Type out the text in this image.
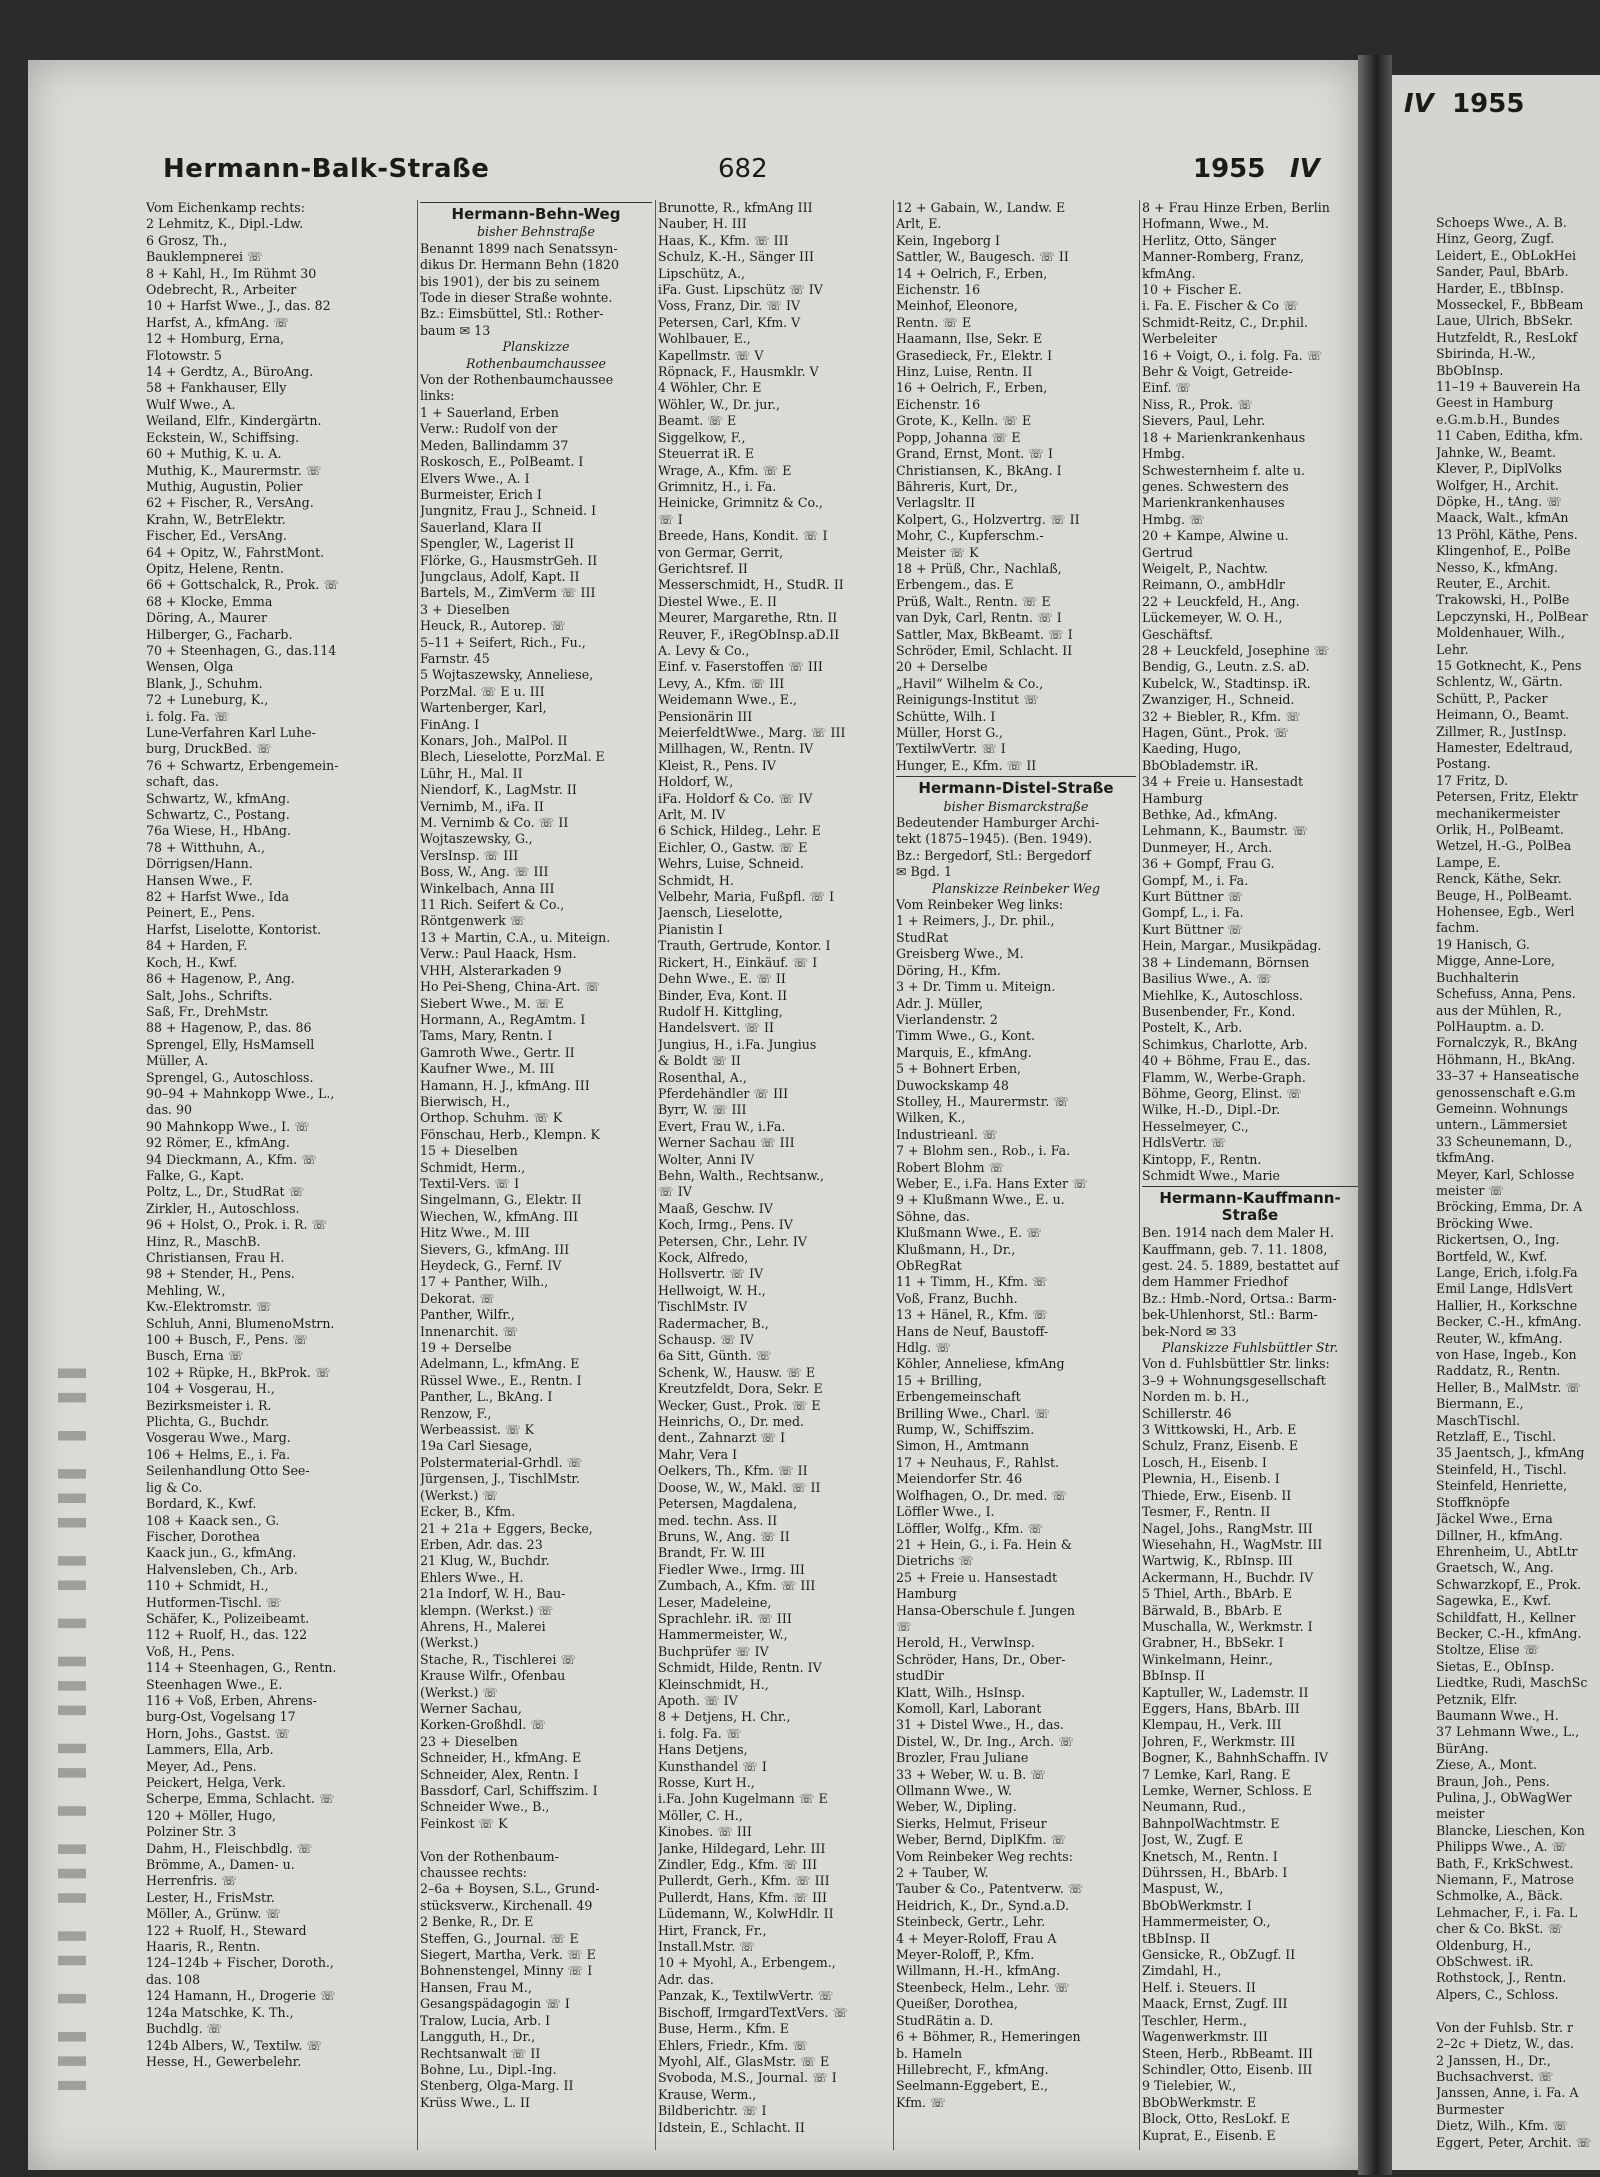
▌▌▌ ▌ ▌▌ ▌▌▌ ▌ ▌▌ ▌▌▌ ▌ ▌▌ ▌▌▌ ▌ ▌▌
Hermann-Balk-Straße	682	1955 IV
Vom Eichenkamp rechts:
2 Lehmitz, K., Dipl.-Ldw.
6 Grosz, Th.,
Bauklempnerei ☏
8 + Kahl, H., Im Rühmt 30
Odebrecht, R., Arbeiter
10 + Harfst Wwe., J., das. 82
Harfst, A., kfmAng. ☏
12 + Homburg, Erna,
Flotowstr. 5
14 + Gerdtz, A., BüroAng.
58 + Fankhauser, Elly
Wulf Wwe., A.
Weiland, Elfr., Kindergärtn.
Eckstein, W., Schiffsing.
60 + Muthig, K. u. A.
Muthig, K., Maurermstr. ☏
Muthig, Augustin, Polier
62 + Fischer, R., VersAng.
Krahn, W., BetrElektr.
Fischer, Ed., VersAng.
64 + Opitz, W., FahrstMont.
Opitz, Helene, Rentn.
66 + Gottschalck, R., Prok. ☏
68 + Klocke, Emma
Döring, A., Maurer
Hilberger, G., Facharb.
70 + Steenhagen, G., das.114
Wensen, Olga
Blank, J., Schuhm.
72 + Luneburg, K.,
i. folg. Fa. ☏
Lune-Verfahren Karl Luhe-
burg, DruckBed. ☏
76 + Schwartz, Erbengemein-
schaft, das.
Schwartz, W., kfmAng.
Schwartz, C., Postang.
76a Wiese, H., HbAng.
78 + Witthuhn, A.,
Dörrigsen/Hann.
Hansen Wwe., F.
82 + Harfst Wwe., Ida
Peinert, E., Pens.
Harfst, Liselotte, Kontorist.
84 + Harden, F.
Koch, H., Kwf.
86 + Hagenow, P., Ang.
Salt, Johs., Schrifts.
Saß, Fr., DrehMstr.
88 + Hagenow, P., das. 86
Sprengel, Elly, HsMamsell
Müller, A.
Sprengel, G., Autoschloss.
90–94 + Mahnkopp Wwe., L.,
das. 90
90 Mahnkopp Wwe., I. ☏
92 Römer, E., kfmAng.
94 Dieckmann, A., Kfm. ☏
Falke, G., Kapt.
Poltz, L., Dr., StudRat ☏
Zirkler, H., Autoschloss.
96 + Holst, O., Prok. i. R. ☏
Hinz, R., MaschB.
Christiansen, Frau H.
98 + Stender, H., Pens.
Mehling, W.,
Kw.-Elektromstr. ☏
Schluh, Anni, BlumenoMstrn.
100 + Busch, F., Pens. ☏
Busch, Erna ☏
102 + Rüpke, H., BkProk. ☏
104 + Vosgerau, H.,
Bezirksmeister i. R.
Plichta, G., Buchdr.
Vosgerau Wwe., Marg.
106 + Helms, E., i. Fa.
Seilenhandlung Otto See-
lig & Co.
Bordard, K., Kwf.
108 + Kaack sen., G.
Fischer, Dorothea
Kaack jun., G., kfmAng.
Halvensleben, Ch., Arb.
110 + Schmidt, H.,
Hutformen-Tischl. ☏
Schäfer, K., Polizeibeamt.
112 + Ruolf, H., das. 122
Voß, H., Pens.
114 + Steenhagen, G., Rentn.
Steenhagen Wwe., E.
116 + Voß, Erben, Ahrens-
burg-Ost, Vogelsang 17
Horn, Johs., Gastst. ☏
Lammers, Ella, Arb.
Meyer, Ad., Pens.
Peickert, Helga, Verk.
Scherpe, Emma, Schlacht. ☏
120 + Möller, Hugo,
Polziner Str. 3
Dahm, H., Fleischbdlg. ☏
Brömme, A., Damen- u.
Herrenfris. ☏
Lester, H., FrisMstr.
Möller, A., Grünw. ☏
122 + Ruolf, H., Steward
Haaris, R., Rentn.
124–124b + Fischer, Doroth.,
das. 108
124 Hamann, H., Drogerie ☏
124a Matschke, K. Th.,
Buchdlg. ☏
124b Albers, W., Textilw. ☏
Hesse, H., Gewerbelehr.
Hermann-Behn-Weg
bisher Behnstraße
Benannt 1899 nach Senatssyn-
dikus Dr. Hermann Behn (1820
bis 1901), der bis zu seinem
Tode in dieser Straße wohnte.
Bz.: Eimsbüttel, Stl.: Rother-
baum ✉ 13
Planskizze
Rothenbaumchaussee
Von der Rothenbaumchaussee
links:
1 + Sauerland, Erben
Verw.: Rudolf von der
Meden, Ballindamm 37
Roskosch, E., PolBeamt. I
Elvers Wwe., A. I
Burmeister, Erich I
Jungnitz, Frau J., Schneid. I
Sauerland, Klara II
Spengler, W., Lagerist II
Flörke, G., HausmstrGeh. II
Jungclaus, Adolf, Kapt. II
Bartels, M., ZimVerm ☏ III
3 + Dieselben
Heuck, R., Autorep. ☏
5–11 + Seifert, Rich., Fu.,
Farnstr. 45
5 Wojtaszewsky, Anneliese,
PorzMal. ☏ E u. III
Wartenberger, Karl,
FinAng. I
Konars, Joh., MalPol. II
Blech, Lieselotte, PorzMal. E
Lühr, H., Mal. II
Niendorf, K., LagMstr. II
Vernimb, M., iFa. II
M. Vernimb & Co. ☏ II
Wojtaszewsky, G.,
VersInsp. ☏ III
Boss, W., Ang. ☏ III
Winkelbach, Anna III
11 Rich. Seifert & Co.,
Röntgenwerk ☏
13 + Martin, C.A., u. Miteign.
Verw.: Paul Haack, Hsm.
VHH, Alsterarkaden 9
Ho Pei-Sheng, China-Art. ☏
Siebert Wwe., M. ☏ E
Hormann, A., RegAmtm. I
Tams, Mary, Rentn. I
Gamroth Wwe., Gertr. II
Kaufner Wwe., M. III
Hamann, H. J., kfmAng. III
Bierwisch, H.,
Orthop. Schuhm. ☏ K
Fönschau, Herb., Klempn. K
15 + Dieselben
Schmidt, Herm.,
Textil-Vers. ☏ I
Singelmann, G., Elektr. II
Wiechen, W., kfmAng. III
Hitz Wwe., M. III
Sievers, G., kfmAng. III
Heydeck, G., Fernf. IV
17 + Panther, Wilh.,
Dekorat. ☏
Panther, Wilfr.,
Innenarchit. ☏
19 + Derselbe
Adelmann, L., kfmAng. E
Rüssel Wwe., E., Rentn. I
Panther, L., BkAng. I
Renzow, F.,
Werbeassist. ☏ K
19a Carl Siesage,
Polstermaterial-Grhdl. ☏
Jürgensen, J., TischlMstr.
(Werkst.) ☏
Ecker, B., Kfm.
21 + 21a + Eggers, Becke,
Erben, Adr. das. 23
21 Klug, W., Buchdr.
Ehlers Wwe., H.
21a Indorf, W. H., Bau-
klempn. (Werkst.) ☏
Ahrens, H., Malerei
(Werkst.)
Stache, R., Tischlerei ☏
Krause Wilfr., Ofenbau
(Werkst.) ☏
Werner Sachau,
Korken-Großhdl. ☏
23 + Dieselben
Schneider, H., kfmAng. E
Schneider, Alex, Rentn. I
Bassdorf, Carl, Schiffszim. I
Schneider Wwe., B.,
Feinkost ☏ K

Von der Rothenbaum-
chaussee rechts:
2–6a + Boysen, S.L., Grund-
stücksverw., Kirchenall. 49
2 Benke, R., Dr. E
Steffen, G., Journal. ☏ E
Siegert, Martha, Verk. ☏ E
Bohnenstengel, Minny ☏ I
Hansen, Frau M.,
Gesangspädagogin ☏ I
Tralow, Lucia, Arb. I
Langguth, H., Dr.,
Rechtsanwalt ☏ II
Bohne, Lu., Dipl.-Ing.
Stenberg, Olga-Marg. II
Krüss Wwe., L. II
Brunotte, R., kfmAng III
Nauber, H. III
Haas, K., Kfm. ☏ III
Schulz, K.-H., Sänger III
Lipschütz, A.,
iFa. Gust. Lipschütz ☏ IV
Voss, Franz, Dir. ☏ IV
Petersen, Carl, Kfm. V
Wohlbauer, E.,
Kapellmstr. ☏ V
Röpnack, F., Hausmklr. V
4 Wöhler, Chr. E
Wöhler, W., Dr. jur.,
Beamt. ☏ E
Siggelkow, F.,
Steuerrat iR. E
Wrage, A., Kfm. ☏ E
Grimnitz, H., i. Fa.
Heinicke, Grimnitz & Co.,
☏ I
Breede, Hans, Kondit. ☏ I
von Germar, Gerrit,
Gerichtsref. II
Messerschmidt, H., StudR. II
Diestel Wwe., E. II
Meurer, Margarethe, Rtn. II
Reuver, F., iRegObInsp.aD.II
A. Levy & Co.,
Einf. v. Faserstoffen ☏ III
Levy, A., Kfm. ☏ III
Weidemann Wwe., E.,
Pensionärin III
MeierfeldtWwe., Marg. ☏ III
Millhagen, W., Rentn. IV
Kleist, R., Pens. IV
Holdorf, W.,
iFa. Holdorf & Co. ☏ IV
Arlt, M. IV
6 Schick, Hildeg., Lehr. E
Eichler, O., Gastw. ☏ E
Wehrs, Luise, Schneid.
Schmidt, H.
Velbehr, Maria, Fußpfl. ☏ I
Jaensch, Lieselotte,
Pianistin I
Trauth, Gertrude, Kontor. I
Rickert, H., Einkäuf. ☏ I
Dehn Wwe., E. ☏ II
Binder, Eva, Kont. II
Rudolf H. Kittgling,
Handelsvert. ☏ II
Jungius, H., i.Fa. Jungius
& Boldt ☏ II
Rosenthal, A.,
Pferdehändler ☏ III
Byrr, W. ☏ III
Evert, Frau W., i.Fa.
Werner Sachau ☏ III
Wolter, Anni IV
Behn, Walth., Rechtsanw.,
☏ IV
Maaß, Geschw. IV
Koch, Irmg., Pens. IV
Petersen, Chr., Lehr. IV
Kock, Alfredo,
Hollsvertr. ☏ IV
Hellwoigt, W. H.,
TischlMstr. IV
Radermacher, B.,
Schausp. ☏ IV
6a Sitt, Günth. ☏
Schenk, W., Hausw. ☏ E
Kreutzfeldt, Dora, Sekr. E
Wecker, Gust., Prok. ☏ E
Heinrichs, O., Dr. med.
dent., Zahnarzt ☏ I
Mahr, Vera I
Oelkers, Th., Kfm. ☏ II
Doose, W., W., Makl. ☏ II
Petersen, Magdalena,
med. techn. Ass. II
Bruns, W., Ang. ☏ II
Brandt, Fr. W. III
Fiedler Wwe., Irmg. III
Zumbach, A., Kfm. ☏ III
Leser, Madeleine,
Sprachlehr. iR. ☏ III
Hammermeister, W.,
Buchprüfer ☏ IV
Schmidt, Hilde, Rentn. IV
Kleinschmidt, H.,
Apoth. ☏ IV
8 + Detjens, H. Chr.,
i. folg. Fa. ☏
Hans Detjens,
Kunsthandel ☏ I
Rosse, Kurt H.,
i.Fa. John Kugelmann ☏ E
Möller, C. H.,
Kinobes. ☏ III
Janke, Hildegard, Lehr. III
Zindler, Edg., Kfm. ☏ III
Pullerdt, Gerh., Kfm. ☏ III
Pullerdt, Hans, Kfm. ☏ III
Lüdemann, W., KolwHdlr. II
Hirt, Franck, Fr.,
Install.Mstr. ☏
10 + Myohl, A., Erbengem.,
Adr. das.
Panzak, K., TextilwVertr. ☏
Bischoff, IrmgardTextVers. ☏
Buse, Herm., Kfm. E
Ehlers, Friedr., Kfm. ☏
Myohl, Alf., GlasMstr. ☏ E
Svoboda, M.S., Journal. ☏ I
Krause, Werm.,
Bildberichtr. ☏ I
Idstein, E., Schlacht. II
12 + Gabain, W., Landw. E
Arlt, E.
Kein, Ingeborg I
Sattler, W., Baugesch. ☏ II
14 + Oelrich, F., Erben,
Eichenstr. 16
Meinhof, Eleonore,
Rentn. ☏ E
Haamann, Ilse, Sekr. E
Grasedieck, Fr., Elektr. I
Hinz, Luise, Rentn. II
16 + Oelrich, F., Erben,
Eichenstr. 16
Grote, K., Kelln. ☏ E
Popp, Johanna ☏ E
Grand, Ernst, Mont. ☏ I
Christiansen, K., BkAng. I
Bähreris, Kurt, Dr.,
Verlagsltr. II
Kolpert, G., Holzvertrg. ☏ II
Mohr, C., Kupferschm.-
Meister ☏ K
18 + Prüß, Chr., Nachlaß,
Erbengem., das. E
Prüß, Walt., Rentn. ☏ E
van Dyk, Carl, Rentn. ☏ I
Sattler, Max, BkBeamt. ☏ I
Schröder, Emil, Schlacht. II
20 + Derselbe
„Havil“ Wilhelm & Co.,
Reinigungs-Institut ☏
Schütte, Wilh. I
Müller, Horst G.,
TextilwVertr. ☏ I
Hunger, E., Kfm. ☏ II
Hermann-Distel-Straße
bisher Bismarckstraße
Bedeutender Hamburger Archi-
tekt (1875–1945). (Ben. 1949).
Bz.: Bergedorf, Stl.: Bergedorf
✉ Bgd. 1
Planskizze Reinbeker Weg
Vom Reinbeker Weg links:
1 + Reimers, J., Dr. phil.,
StudRat
Greisberg Wwe., M.
Döring, H., Kfm.
3 + Dr. Timm u. Miteign.
Adr. J. Müller,
Vierlandenstr. 2
Timm Wwe., G., Kont.
Marquis, E., kfmAng.
5 + Bohnert Erben,
Duwockskamp 48
Stolley, H., Maurermstr. ☏
Wilken, K.,
Industrieanl. ☏
7 + Blohm sen., Rob., i. Fa.
Robert Blohm ☏
Weber, E., i.Fa. Hans Exter ☏
9 + Klußmann Wwe., E. u.
Söhne, das.
Klußmann Wwe., E. ☏
Klußmann, H., Dr.,
ObRegRat
11 + Timm, H., Kfm. ☏
Voß, Franz, Buchh.
13 + Hänel, R., Kfm. ☏
Hans de Neuf, Baustoff-
Hdlg. ☏
Köhler, Anneliese, kfmAng
15 + Brilling,
Erbengemeinschaft
Brilling Wwe., Charl. ☏
Rump, W., Schiffszim.
Simon, H., Amtmann
17 + Neuhaus, F., Rahlst.
Meiendorfer Str. 46
Wolfhagen, O., Dr. med. ☏
Löffler Wwe., I.
Löffler, Wolfg., Kfm. ☏
21 + Hein, G., i. Fa. Hein &
Dietrichs ☏
25 + Freie u. Hansestadt
Hamburg
Hansa-Oberschule f. Jungen
☏
Herold, H., VerwInsp.
Schröder, Hans, Dr., Ober-
studDir
Klatt, Wilh., HsInsp.
Komoll, Karl, Laborant
31 + Distel Wwe., H., das.
Distel, W., Dr. Ing., Arch. ☏
Brozler, Frau Juliane
33 + Weber, W. u. B. ☏
Ollmann Wwe., W.
Weber, W., Dipling.
Sierks, Helmut, Friseur
Weber, Bernd, DiplKfm. ☏
Vom Reinbeker Weg rechts:
2 + Tauber, W.
Tauber & Co., Patentverw. ☏
Heidrich, K., Dr., Synd.a.D.
Steinbeck, Gertr., Lehr.
4 + Meyer-Roloff, Frau A
Meyer-Roloff, P., Kfm.
Willmann, H.-H., kfmAng.
Steenbeck, Helm., Lehr. ☏
Queißer, Dorothea,
StudRätin a. D.
6 + Böhmer, R., Hemeringen
b. Hameln
Hillebrecht, F., kfmAng.
Seelmann-Eggebert, E.,
Kfm. ☏
8 + Frau Hinze Erben, Berlin
Hofmann, Wwe., M.
Herlitz, Otto, Sänger
Manner-Romberg, Franz,
kfmAng.
10 + Fischer E.
i. Fa. E. Fischer & Co ☏
Schmidt-Reitz, C., Dr.phil.
Werbeleiter
16 + Voigt, O., i. folg. Fa. ☏
Behr & Voigt, Getreide-
Einf. ☏
Niss, R., Prok. ☏
Sievers, Paul, Lehr.
18 + Marienkrankenhaus
Hmbg.
Schwesternheim f. alte u.
genes. Schwestern des
Marienkrankenhauses
Hmbg. ☏
20 + Kampe, Alwine u.
Gertrud
Weigelt, P., Nachtw.
Reimann, O., ambHdlr
22 + Leuckfeld, H., Ang.
Lückemeyer, W. O. H.,
Geschäftsf.
28 + Leuckfeld, Josephine ☏
Bendig, G., Leutn. z.S. aD.
Kubelck, W., Stadtinsp. iR.
Zwanziger, H., Schneid.
32 + Biebler, R., Kfm. ☏
Hagen, Günt., Prok. ☏
Kaeding, Hugo,
BbOblademstr. iR.
34 + Freie u. Hansestadt
Hamburg
Bethke, Ad., kfmAng.
Lehmann, K., Baumstr. ☏
Dunmeyer, H., Arch.
36 + Gompf, Frau G.
Gompf, M., i. Fa.
Kurt Büttner ☏
Gompf, L., i. Fa.
Kurt Büttner ☏
Hein, Margar., Musikpädag.
38 + Lindemann, Börnsen
Basilius Wwe., A. ☏
Miehlke, K., Autoschloss.
Busenbender, Fr., Kond.
Postelt, K., Arb.
Schimkus, Charlotte, Arb.
40 + Böhme, Frau E., das.
Flamm, W., Werbe-Graph.
Böhme, Georg, Elinst. ☏
Wilke, H.-D., Dipl.-Dr.
Hesselmeyer, C.,
HdlsVertr. ☏
Kintopp, F., Rentn.
Schmidt Wwe., Marie
Hermann-Kauffmann-Straße
Ben. 1914 nach dem Maler H.
Kauffmann, geb. 7. 11. 1808,
gest. 24. 5. 1889, bestattet auf
dem Hammer Friedhof
Bz.: Hmb.-Nord, Ortsa.: Barm-
bek-Uhlenhorst, Stl.: Barm-
bek-Nord ✉ 33
Planskizze Fuhlsbüttler Str.
Von d. Fuhlsbüttler Str. links:
3–9 + Wohnungsgesellschaft
Norden m. b. H.,
Schillerstr. 46
3 Wittkowski, H., Arb. E
Schulz, Franz, Eisenb. E
Losch, H., Eisenb. I
Plewnia, H., Eisenb. I
Thiede, Erw., Eisenb. II
Tesmer, F., Rentn. II
Nagel, Johs., RangMstr. III
Wiesehahn, H., WagMstr. III
Wartwig, K., RbInsp. III
Ackermann, H., Buchdr. IV
5 Thiel, Arth., BbArb. E
Bärwald, B., BbArb. E
Muschalla, W., Werkmstr. I
Grabner, H., BbSekr. I
Winkelmann, Heinr.,
BbInsp. II
Kaptuller, W., Lademstr. II
Eggers, Hans, BbArb. III
Klempau, H., Verk. III
Johren, F., Werkmstr. III
Bogner, K., BahnhSchaffn. IV
7 Lemke, Karl, Rang. E
Lemke, Werner, Schloss. E
Neumann, Rud.,
BahnpolWachtmstr. E
Jost, W., Zugf. E
Knetsch, M., Rentn. I
Dührssen, H., BbArb. I
Maspust, W.,
BbObWerkmstr. I
Hammermeister, O.,
tBbInsp. II
Gensicke, R., ObZugf. II
Zimdahl, H.,
Helf. i. Steuers. II
Maack, Ernst, Zugf. III
Teschler, Herm.,
Wagenwerkmstr. III
Steen, Herb., RbBeamt. III
Schindler, Otto, Eisenb. III
9 Tielebier, W.,
BbObWerkmstr. E
Block, Otto, ResLokf. E
Kuprat, E., Eisenb. E
IV 1955
Schoeps Wwe., A. B.
Hinz, Georg, Zugf.
Leidert, E., ObLokHei
Sander, Paul, BbArb.
Harder, E., tBbInsp.
Mosseckel, F., BbBeam
Laue, Ulrich, BbSekr.
Hutzfeldt, R., ResLokf
Sbirinda, H.-W.,
BbObInsp.
11–19 + Bauverein Ha
Geest in Hamburg
e.G.m.b.H., Bundes
11 Caben, Editha, kfm.
Jahnke, W., Beamt.
Klever, P., DiplVolks
Wolfger, H., Archit.
Döpke, H., tAng. ☏
Maack, Walt., kfmAn
13 Pröhl, Käthe, Pens.
Klingenhof, E., PolBe
Nesso, K., kfmAng.
Reuter, E., Archit.
Trakowski, H., PolBe
Lepczynski, H., PolBear
Moldenhauer, Wilh.,
Lehr.
15 Gotknecht, K., Pens
Schlentz, W., Gärtn.
Schütt, P., Packer
Heimann, O., Beamt.
Zillmer, R., JustInsp.
Hamester, Edeltraud,
Postang.
17 Fritz, D.
Petersen, Fritz, Elektr
mechanikermeister
Orlik, H., PolBeamt.
Wetzel, H.-G., PolBea
Lampe, E.
Renck, Käthe, Sekr.
Beuge, H., PolBeamt.
Hohensee, Egb., Werl
fachm.
19 Hanisch, G.
Migge, Anne-Lore,
Buchhalterin
Schefuss, Anna, Pens.
aus der Mühlen, R.,
PolHauptm. a. D.
Fornalczyk, R., BkAng
Höhmann, H., BkAng.
33–37 + Hanseatische
genossenschaft e.G.m
Gemeinn. Wohnungs
untern., Lämmersiet
33 Scheunemann, D.,
tkfmAng.
Meyer, Karl, Schlosse
meister ☏
Bröcking, Emma, Dr. A
Bröcking Wwe.
Rickertsen, O., Ing.
Bortfeld, W., Kwf.
Lange, Erich, i.folg.Fa
Emil Lange, HdlsVert
Hallier, H., Korkschne
Becker, C.-H., kfmAng.
Reuter, W., kfmAng.
von Hase, Ingeb., Kon
Raddatz, R., Rentn.
Heller, B., MalMstr. ☏
Biermann, E.,
MaschTischl.
Retzlaff, E., Tischl.
35 Jaentsch, J., kfmAng
Steinfeld, H., Tischl.
Steinfeld, Henriette,
Stoffknöpfe
Jäckel Wwe., Erna
Dillner, H., kfmAng.
Ehrenheim, U., AbtLtr
Graetsch, W., Ang.
Schwarzkopf, E., Prok.
Sagewka, E., Kwf.
Schildfatt, H., Kellner
Becker, C.-H., kfmAng.
Stoltze, Elise ☏
Sietas, E., ObInsp.
Liedtke, Rudi, MaschSc
Petznik, Elfr.
Baumann Wwe., H.
37 Lehmann Wwe., L.,
BürAng.
Ziese, A., Mont.
Braun, Joh., Pens.
Pulina, J., ObWagWer
meister
Blancke, Lieschen, Kon
Philipps Wwe., A. ☏
Bath, F., KrkSchwest.
Niemann, F., Matrose
Schmolke, A., Bäck.
Lehmacher, F., i. Fa. L
cher & Co. BkSt. ☏
Oldenburg, H.,
ObSchwest. iR.
Rothstock, J., Rentn.
Alpers, C., Schloss.

Von der Fuhlsb. Str. r
2–2c + Dietz, W., das.
2 Janssen, H., Dr.,
Buchsachverst. ☏
Janssen, Anne, i. Fa. A
Burmester
Dietz, Wilh., Kfm. ☏
Eggert, Peter, Archit. ☏
